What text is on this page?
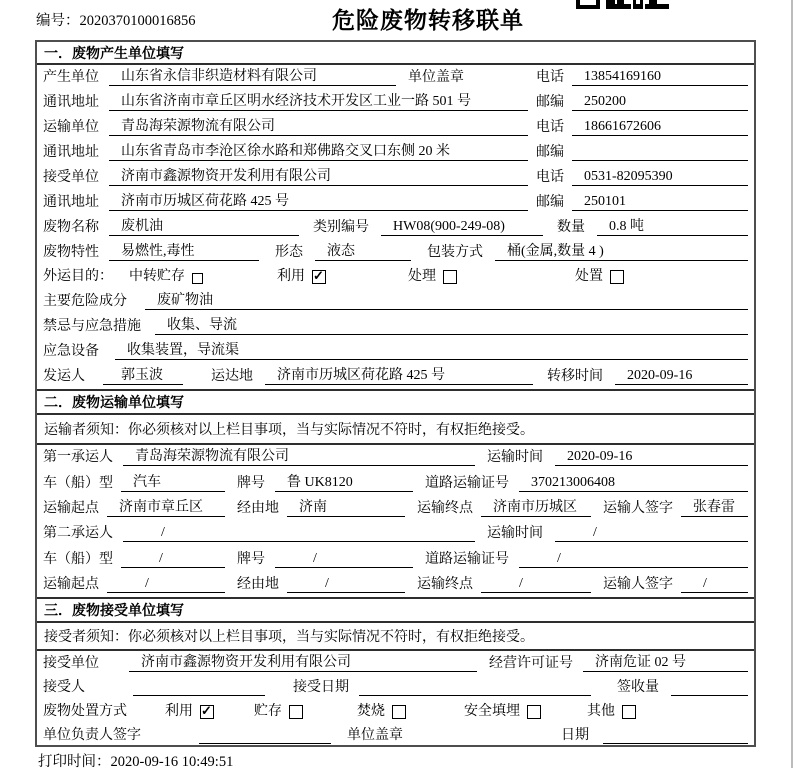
编号：2020370100016856	危险废物转移联单
一．废物产生单位填写
产生单位	山东省永信非织造材料有限公司	单位盖章	电话	13854169160
通讯地址	山东省济南市章丘区明水经济技术开发区工业一路 501 号	邮编	250200
运输单位	青岛海荣源物流有限公司	电话	18661672606
通讯地址	山东省青岛市李沧区徐水路和郑佛路交叉口东侧 20 米	邮编
接受单位	济南市鑫源物资开发利用有限公司	电话	0531-82095390
通讯地址	济南市历城区荷花路 425 号	邮编	250101
废物名称	废机油	类别编号	HW08(900-249-08)	数量	0.8 吨
废物特性	易燃性,毒性	形态	液态	包装方式	桶(金属,数量 4 )
外运目的： 中转贮存	利用 ✓	处理	处置
主要危险成分	废矿物油
禁忌与应急措施	收集、导流
应急设备	收集装置，导流渠
发运人	郭玉波	运达地	济南市历城区荷花路 425 号	转移时间	2020-09-16
二．废物运输单位填写
运输者须知：你必须核对以上栏目事项，当与实际情况不符时，有权拒绝接受。
第一承运人	青岛海荣源物流有限公司	运输时间	2020-09-16
车（船）型	汽车	牌号	鲁 UK8120	道路运输证号	370213006408
运输起点	济南市章丘区 经由地	济南	运输终点	济南市历城区 运输人签字	张春雷
第二承运人	/	运输时间	/
车（船）型	/	牌号	/	道路运输证号	/
运输起点	/	经由地	/	运输终点	/	运输人签字	/
三．废物接受单位填写
接受者须知：你必须核对以上栏目事项，当与实际情况不符时，有权拒绝接受。
接受单位	济南市鑫源物资开发利用有限公司	经营许可证号	济南危证 02 号
接受人	接受日期	签收量
废物处置方式	利用 ✓	贮存	焚烧	安全填埋	其他
单位负责人签字	单位盖章	日期
打印时间：2020-09-16 10:49:51
